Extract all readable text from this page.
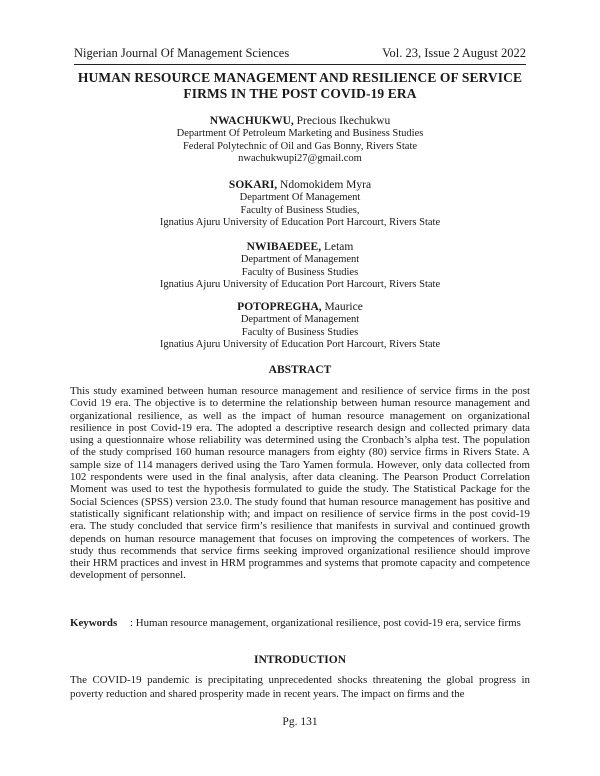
Nigerian Journal Of Management Sciences	Vol. 23, Issue 2 August 2022
HUMAN RESOURCE MANAGEMENT AND RESILIENCE OF SERVICE
FIRMS IN THE POST COVID-19 ERA
NWACHUKWU, Precious Ikechukwu
Department Of Petroleum Marketing and Business Studies
Federal Polytechnic of Oil and Gas Bonny, Rivers State
nwachukwupi27@gmail.com
SOKARI, Ndomokidem Myra
Department Of Management
Faculty of Business Studies,
Ignatius Ajuru University of Education Port Harcourt, Rivers State
NWIBAEDEE, Letam
Department of Management
Faculty of Business Studies
Ignatius Ajuru University of Education Port Harcourt, Rivers State
POTOPREGHA, Maurice
Department of Management
Faculty of Business Studies
Ignatius Ajuru University of Education Port Harcourt, Rivers State
ABSTRACT
This study examined between human resource management and resilience of service firms in the post Covid 19 era. The objective is to determine the relationship between human resource management and organizational resilience, as well as the impact of human resource management on organizational resilience in post Covid-19 era. The adopted a descriptive research design and collected primary data using a questionnaire whose reliability was determined using the Cronbach’s alpha test. The population of the study comprised 160 human resource managers from eighty (80) service firms in Rivers State. A sample size of 114 managers derived using the Taro Yamen formula. However, only data collected from 102 respondents were used in the final analysis, after data cleaning. The Pearson Product Correlation Moment was used to test the hypothesis formulated to guide the study. The Statistical Package for the Social Sciences (SPSS) version 23.0. The study found that human resource management has positive and statistically significant relationship with; and impact on resilience of service firms in the post covid-19 era. The study concluded that service firm’s resilience that manifests in survival and continued growth depends on human resource management that focuses on improving the competences of workers. The study thus recommends that service firms seeking improved organizational resilience should improve their HRM practices and invest in HRM programmes and systems that promote capacity and competence development of personnel.
Keywords : Human resource management, organizational resilience, post covid-19 era, service firms
INTRODUCTION
The COVID-19 pandemic is precipitating unprecedented shocks threatening the global progress in poverty reduction and shared prosperity made in recent years. The impact on firms and the
Pg. 131
